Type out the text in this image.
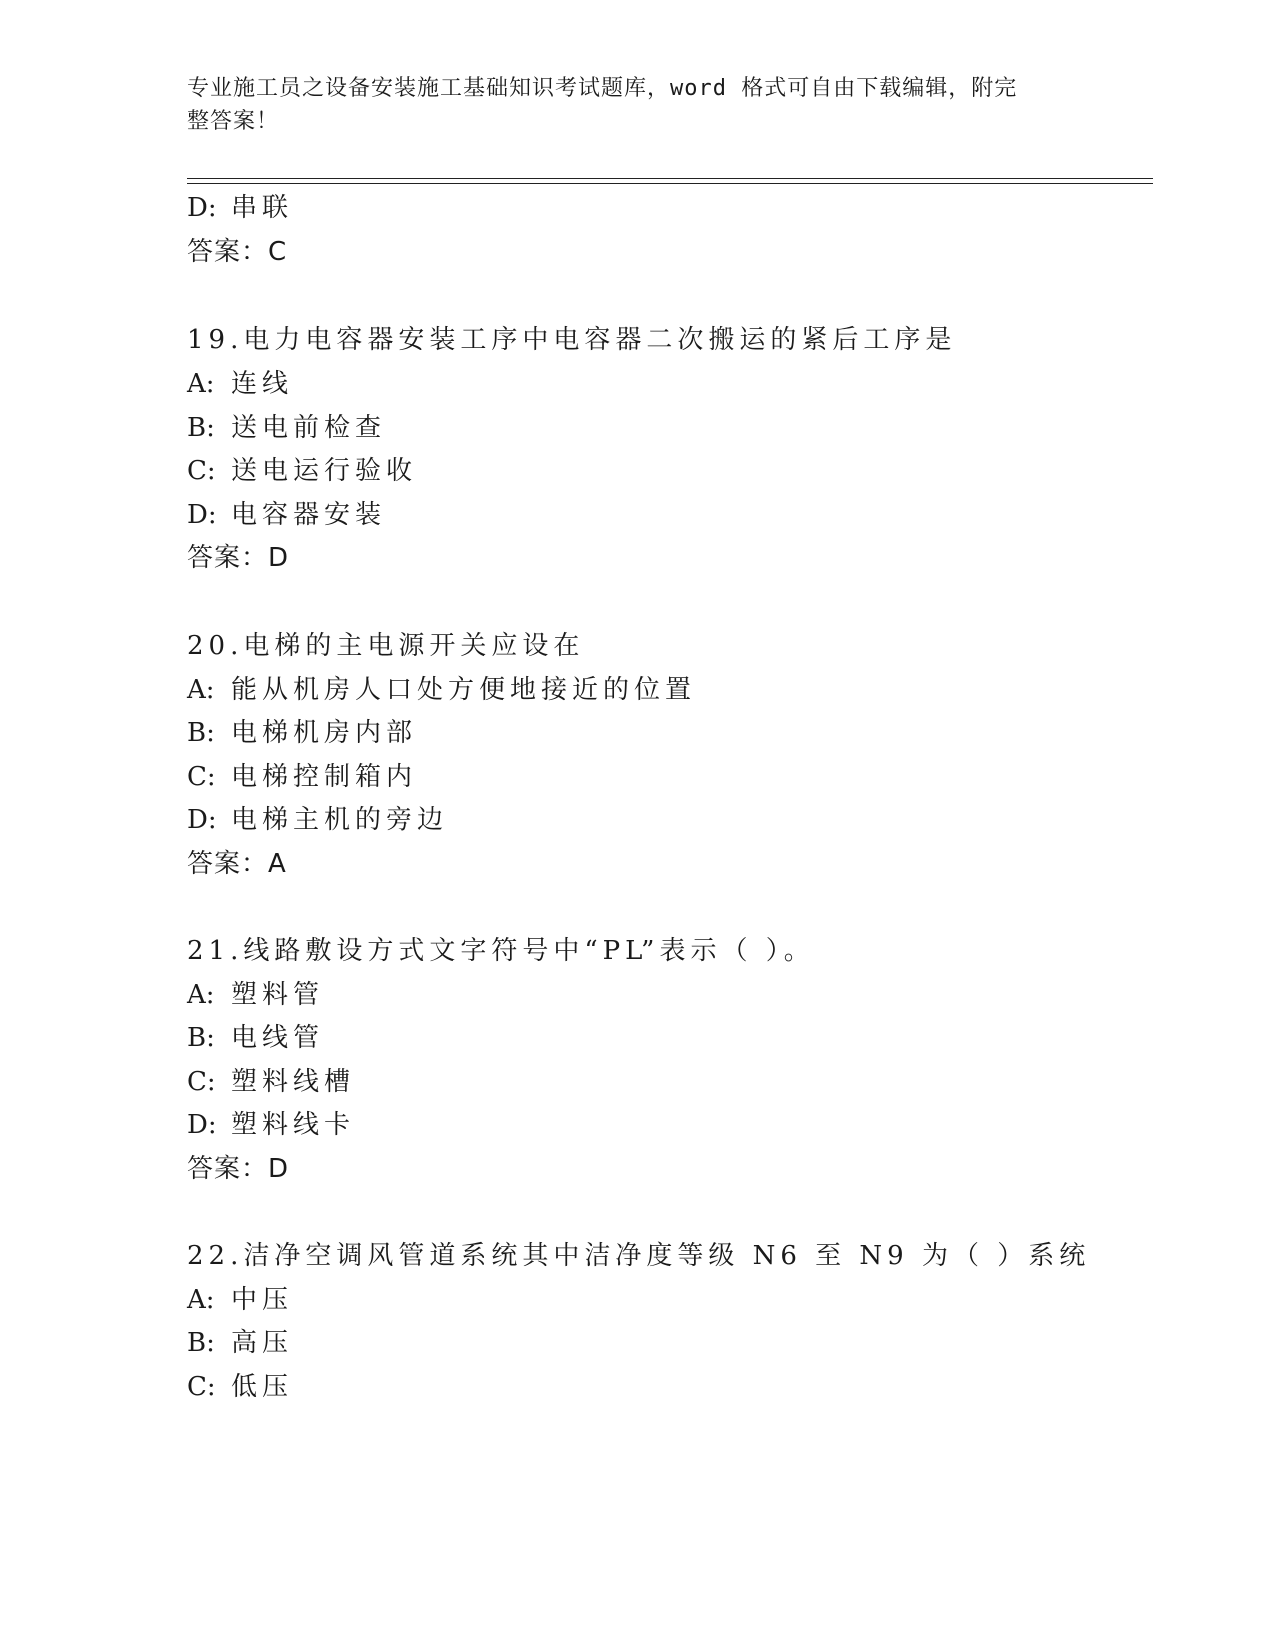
专业施工员之设备安装施工基础知识考试题库，word 格式可自由下载编辑，附完
整答案！
D: 串联
答案：C
19.电力电容器安装工序中电容器二次搬运的紧后工序是
A: 连线
B: 送电前检查
C: 送电运行验收
D: 电容器安装
答案：D
20.电梯的主电源开关应设在
A: 能从机房人口处方便地接近的位置
B: 电梯机房内部
C: 电梯控制箱内
D: 电梯主机的旁边
答案：A
21.线路敷设方式文字符号中“PL”表示（ ）。
A: 塑料管
B: 电线管
C: 塑料线槽
D: 塑料线卡
答案：D
22.洁净空调风管道系统其中洁净度等级 N6 至 N9 为（ ）系统
A: 中压
B: 高压
C: 低压
